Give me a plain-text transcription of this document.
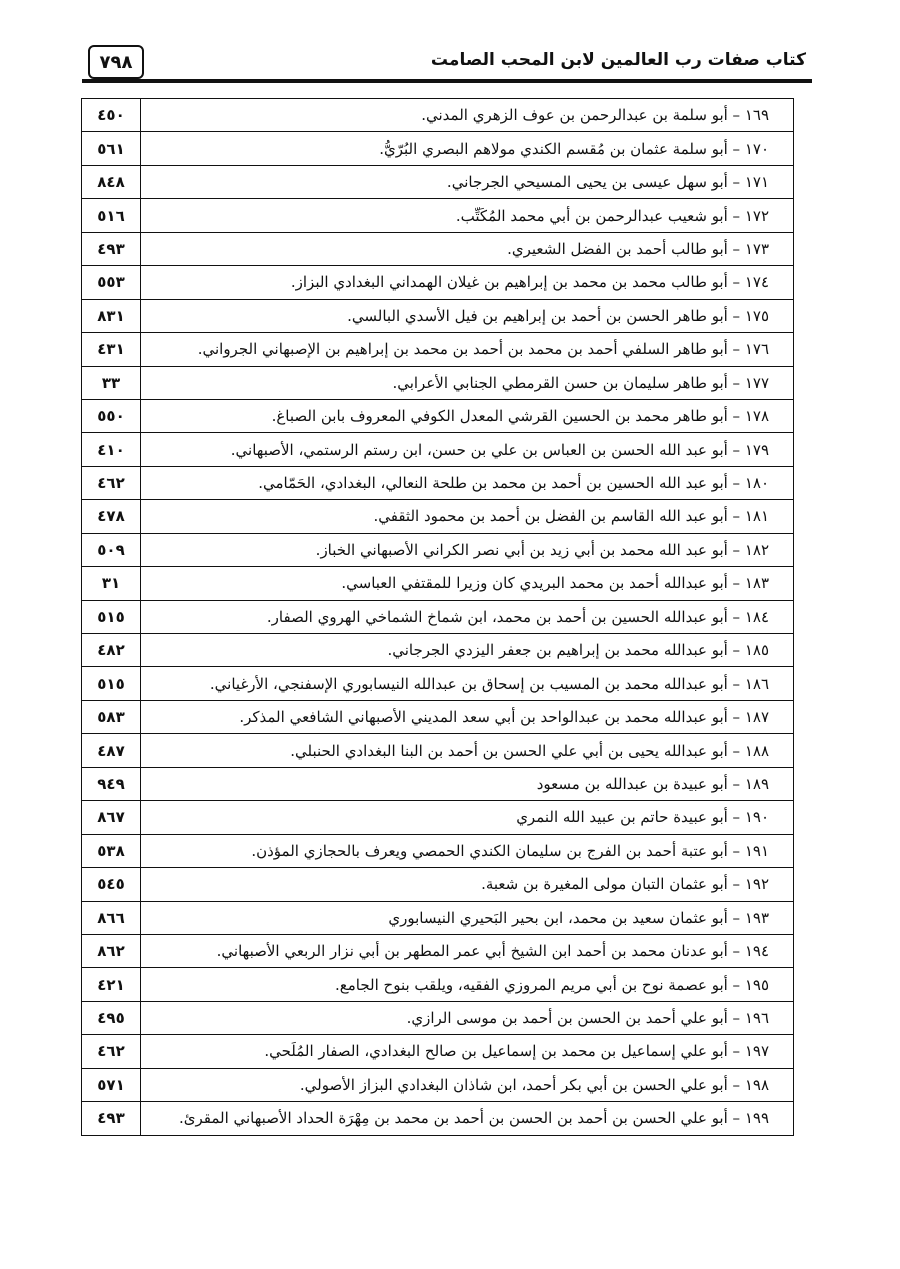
٧٩٨	كتاب صفات رب العالمين لابن المحب الصامت
١٦٩ – أبو سلمة بن عبدالرحمن بن عوف الزهري المدني.	٤٥٠
١٧٠ – أبو سلمة عثمان بن مُقسم الكندي مولاهم البصري البُرّيُّ.	٥٦١
١٧١ – أبو سهل عيسى بن يحيى المسيحي الجرجاني.	٨٤٨
١٧٢ – أبو شعيب عبدالرحمن بن أبي محمد المُكَتِّب.	٥١٦
١٧٣ – أبو طالب أحمد بن الفضل الشعيري.	٤٩٣
١٧٤ – أبو طالب محمد بن محمد بن إبراهيم بن غيلان الهمداني البغدادي البزاز.	٥٥٣
١٧٥ – أبو طاهر الحسن بن أحمد بن إبراهيم بن فيل الأسدي البالسي.	٨٣١
١٧٦ – أبو طاهر السلفي أحمد بن محمد بن أحمد بن محمد بن إبراهيم بن الإصبهاني الجرواني.	٤٣١
١٧٧ – أبو طاهر سليمان بن حسن القرمطي الجنابي الأعرابي.	٣٣
١٧٨ – أبو طاهر محمد بن الحسين القرشي المعدل الكوفي المعروف بابن الصباغ.	٥٥٠
١٧٩ – أبو عبد الله الحسن بن العباس بن علي بن حسن، ابن رستم الرستمي، الأصبهاني.	٤١٠
١٨٠ – أبو عبد الله الحسين بن أحمد بن محمد بن طلحة النعالي، البغدادي، الحَمّامي.	٤٦٢
١٨١ – أبو عبد الله القاسم بن الفضل بن أحمد بن محمود الثقفي.	٤٧٨
١٨٢ – أبو عبد الله محمد بن أبي زيد بن أبي نصر الكراني الأصبهاني الخباز.	٥٠٩
١٨٣ – أبو عبدالله أحمد بن محمد البريدي كان وزيرا للمقتفي العباسي.	٣١
١٨٤ – أبو عبدالله الحسين بن أحمد بن محمد، ابن شماخ الشماخي الهروي الصفار.	٥١٥
١٨٥ – أبو عبدالله محمد بن إبراهيم بن جعفر اليزدي الجرجاني.	٤٨٢
١٨٦ – أبو عبدالله محمد بن المسيب بن إسحاق بن عبدالله النيسابوري الإسفنجي، الأرغياني.	٥١٥
١٨٧ – أبو عبدالله محمد بن عبدالواحد بن أبي سعد المديني الأصبهاني الشافعي المذكر.	٥٨٣
١٨٨ – أبو عبدالله يحيى بن أبي علي الحسن بن أحمد بن البنا البغدادي الحنبلي.	٤٨٧
١٨٩ – أبو عبيدة بن عبدالله بن مسعود	٩٤٩
١٩٠ – أبو عبيدة حاتم بن عبيد الله النمري	٨٦٧
١٩١ – أبو عتبة أحمد بن الفرج بن سليمان الكندي الحمصي ويعرف بالحجازي المؤذن.	٥٣٨
١٩٢ – أبو عثمان التبان مولى المغيرة بن شعبة.	٥٤٥
١٩٣ – أبو عثمان سعيد بن محمد، ابن بحير البَحيري النيسابوري	٨٦٦
١٩٤ – أبو عدنان محمد بن أحمد ابن الشيخ أبي عمر المطهر بن أبي نزار الربعي الأصبهاني.	٨٦٢
١٩٥ – أبو عصمة نوح بن أبي مريم المروزي الفقيه، ويلقب بنوح الجامع.	٤٢١
١٩٦ – أبو علي أحمد بن الحسن بن أحمد بن موسى الرازي.	٤٩٥
١٩٧ – أبو علي إسماعيل بن محمد بن إسماعيل بن صالح البغدادي، الصفار المُلَحي.	٤٦٢
١٩٨ – أبو علي الحسن بن أبي بكر أحمد، ابن شاذان البغدادي البزاز الأصولي.	٥٧١
١٩٩ – أبو علي الحسن بن أحمد بن الحسن بن أحمد بن محمد بن مِهْرَة الحداد الأصبهاني المقرئ.	٤٩٣
